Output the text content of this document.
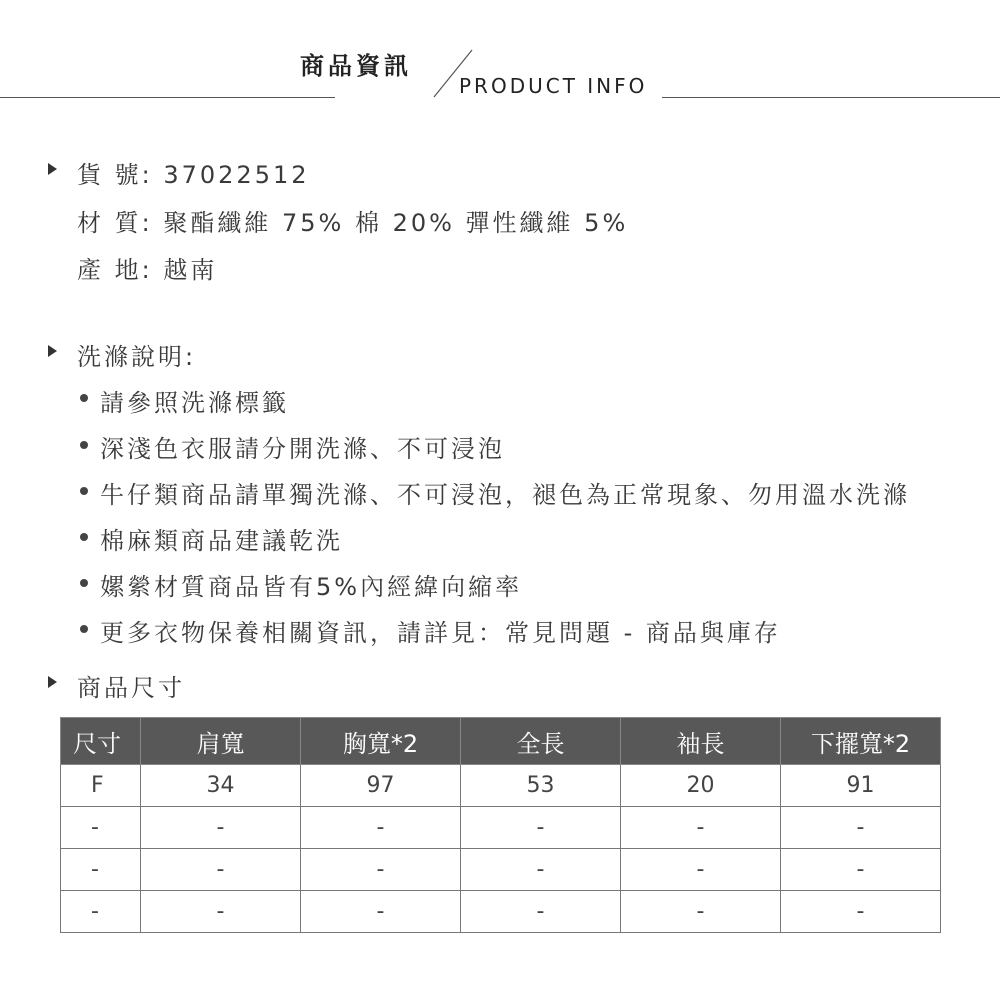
商品資訊
PRODUCT INFO
貨 號: 37022512
材 質: 聚酯纖維 75% 棉 20% 彈性纖維 5%
產 地: 越南
洗滌說明:
請參照洗滌標籤
深淺色衣服請分開洗滌、不可浸泡
牛仔類商品請單獨洗滌、不可浸泡，褪色為正常現象、勿用溫水洗滌
棉麻類商品建議乾洗
嫘縈材質商品皆有5%內經緯向縮率
更多衣物保養相關資訊，請詳見：常見問題 - 商品與庫存
商品尺寸
尺寸	肩寬	胸寬*2	全長	袖長	下擺寬*2
F	34	97	53	20	91
-	-	-	-	-	-
-	-	-	-	-	-
-	-	-	-	-	-
